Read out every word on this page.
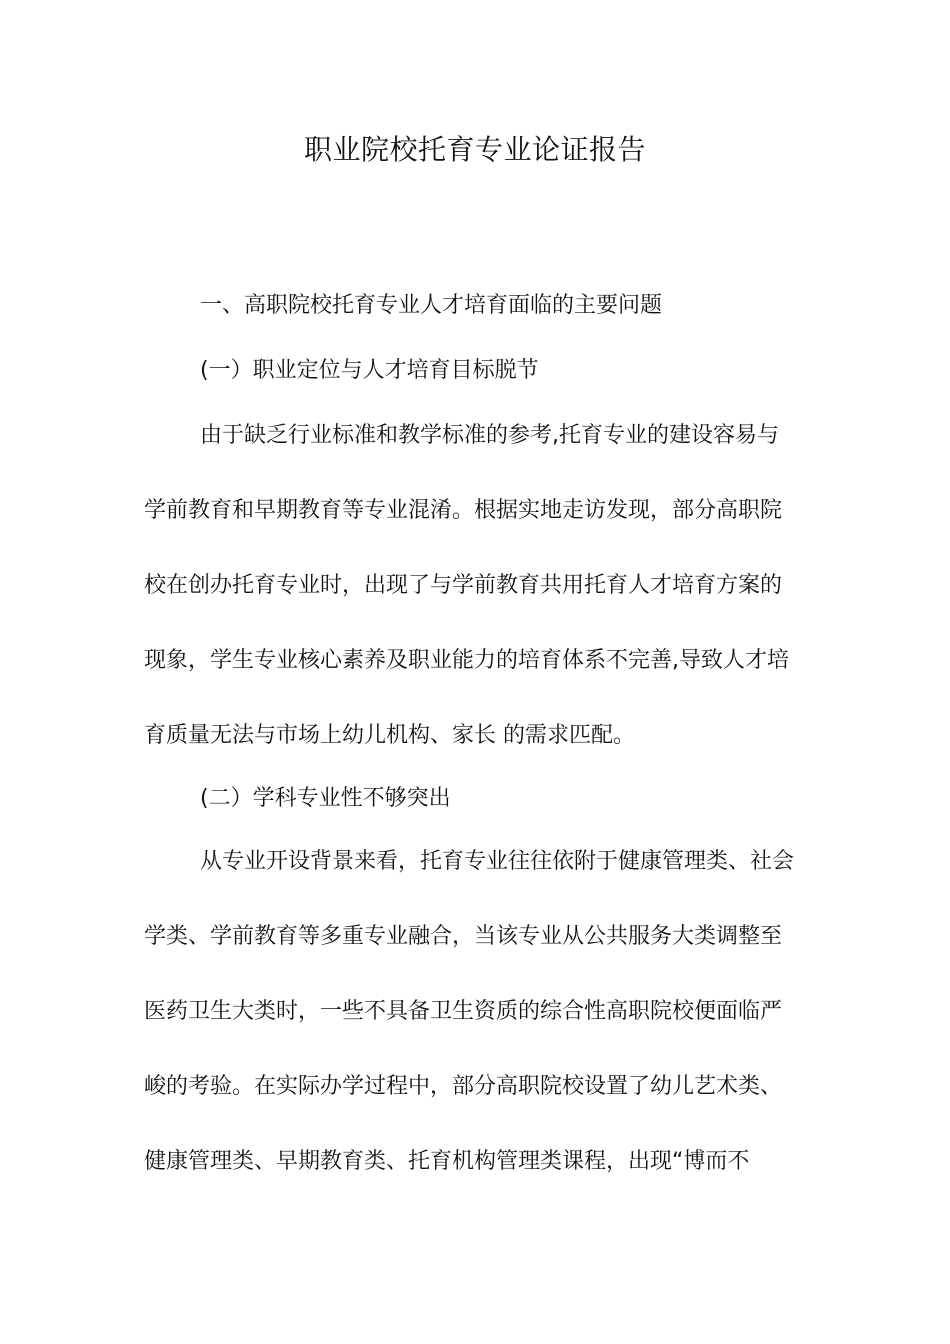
职业院校托育专业论证报告

一、高职院校托育专业人才培育面临的主要问题

(一）职业定位与人才培育目标脱节

由于缺乏行业标准和教学标准的参考,托育专业的建设容易与

学前教育和早期教育等专业混淆。根据实地走访发现，部分高职院

校在创办托育专业时，出现了与学前教育共用托育人才培育方案的

现象，学生专业核心素养及职业能力的培育体系不完善,导致人才培

育质量无法与市场上幼儿机构、家长 的需求匹配。

(二）学科专业性不够突出

从专业开设背景来看，托育专业往往依附于健康管理类、社会

学类、学前教育等多重专业融合，当该专业从公共服务大类调整至

医药卫生大类时，一些不具备卫生资质的综合性高职院校便面临严

峻的考验。在实际办学过程中，部分高职院校设置了幼儿艺术类、

健康管理类、早期教育类、托育机构管理类课程，出现“博而不
